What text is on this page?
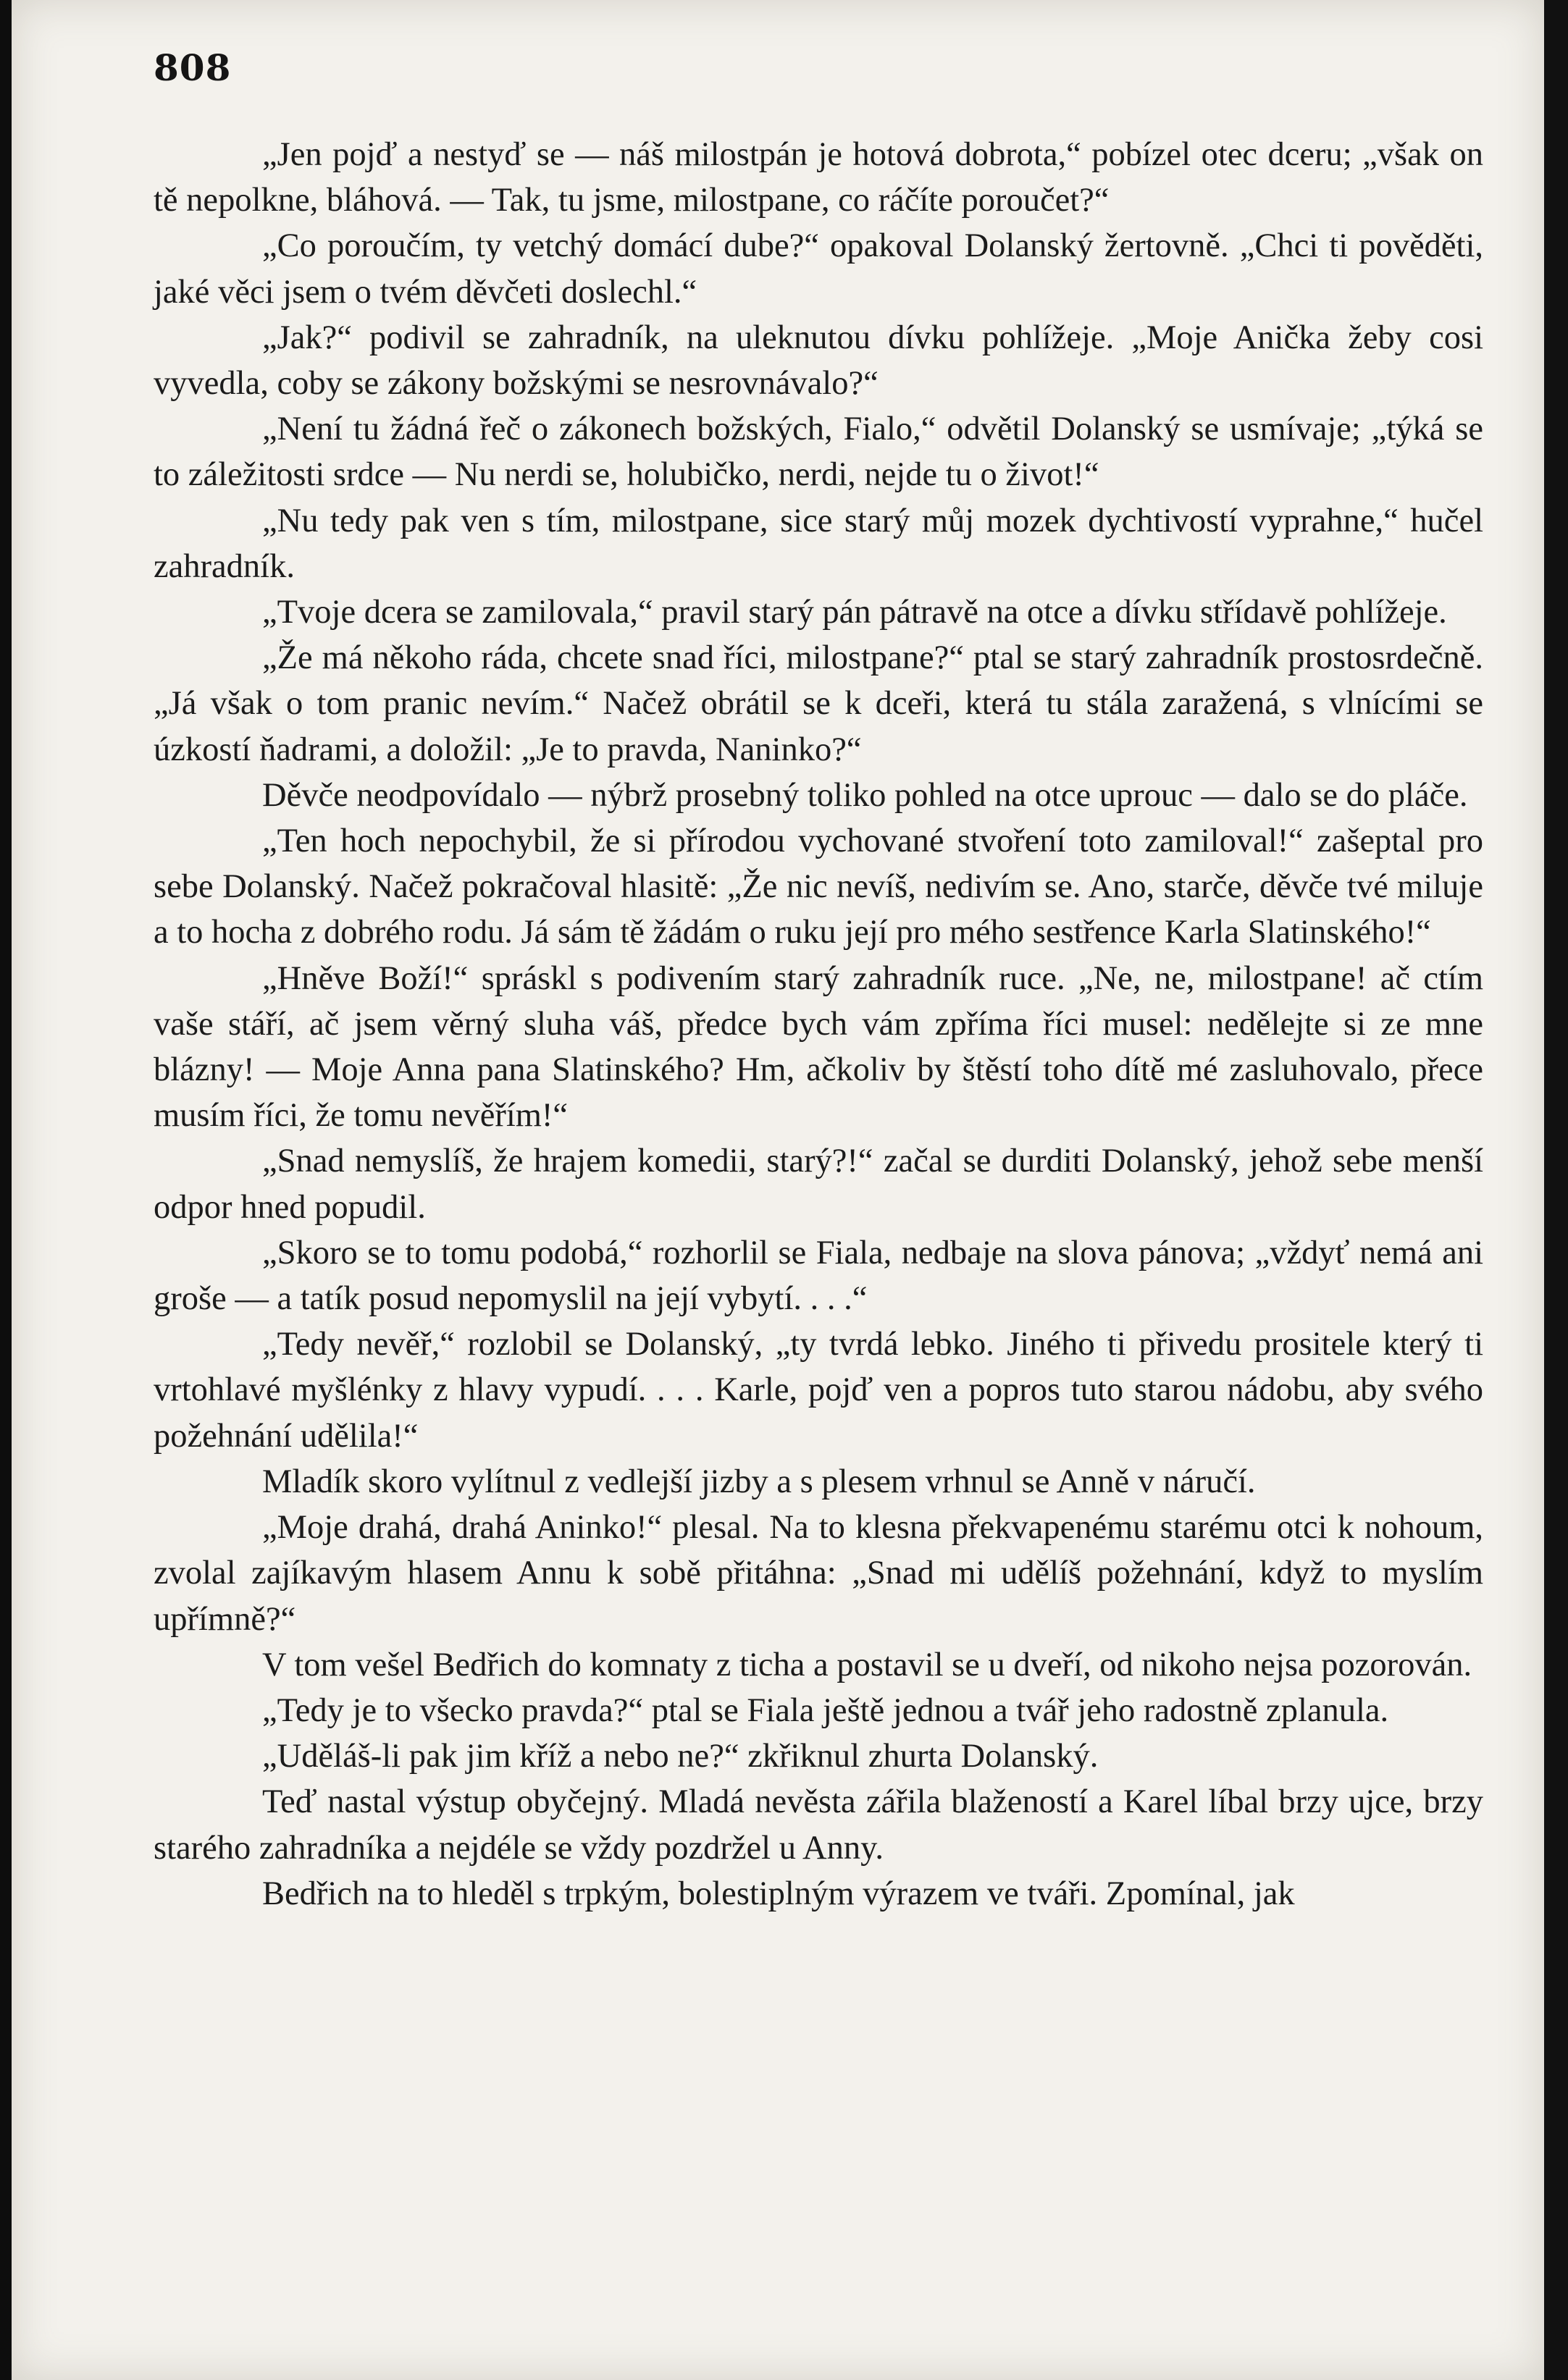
808

„Jen pojď a nestyď se — náš milostpán je hotová dobrota,“ pobízel otec dceru; „však on tě nepolkne, bláhová. — Tak, tu jsme, milostpane, co ráčíte poroučet?“

„Co poroučím, ty vetchý domácí dube?“ opakoval Dolanský žertovně. „Chci ti pověděti, jaké věci jsem o tvém děvčeti doslechl.“

„Jak?“ podivil se zahradník, na uleknutou dívku pohlížeje. „Moje Anička žeby cosi vyvedla, coby se zákony božskými se nesrovnávalo?“

„Není tu žádná řeč o zákonech božských, Fialo,“ odvětil Dolanský se usmívaje; „týká se to záležitosti srdce — Nu nerdi se, holubičko, nerdi, nejde tu o život!“

„Nu tedy pak ven s tím, milostpane, sice starý můj mozek dychtivostí vyprahne,“ hučel zahradník.

„Tvoje dcera se zamilovala,“ pravil starý pán pátravě na otce a dívku střídavě pohlížeje.

„Že má někoho ráda, chcete snad říci, milostpane?“ ptal se starý zahradník prostosrdečně. „Já však o tom pranic nevím.“ Načež obrátil se k dceři, která tu stála zaražená, s vlnícími se úzkostí ňadrami, a doložil: „Je to pravda, Naninko?“

Děvče neodpovídalo — nýbrž prosebný toliko pohled na otce uprouc — dalo se do pláče.

„Ten hoch nepochybil, že si přírodou vychované stvoření toto zamiloval!“ zašeptal pro sebe Dolanský. Načež pokračoval hlasitě: „Že nic nevíš, nedivím se. Ano, starče, děvče tvé miluje a to hocha z dobrého rodu. Já sám tě žádám o ruku její pro mého sestřence Karla Slatinského!“

„Hněve Boží!“ spráskl s podivením starý zahradník ruce. „Ne, ne, milostpane! ač ctím vaše stáří, ač jsem věrný sluha váš, předce bych vám zpříma říci musel: nedělejte si ze mne blázny! — Moje Anna pana Slatinského? Hm, ačkoliv by štěstí toho dítě mé zasluhovalo, přece musím říci, že tomu nevěřím!“

„Snad nemyslíš, že hrajem komedii, starý?!“ začal se durditi Dolanský, jehož sebe menší odpor hned popudil.

„Skoro se to tomu podobá,“ rozhorlil se Fiala, nedbaje na slova pánova; „vždyť nemá ani groše — a tatík posud nepomyslil na její vybytí. . . .“

„Tedy nevěř,“ rozlobil se Dolanský, „ty tvrdá lebko. Jiného ti přivedu prositele který ti vrtohlavé myšlénky z hlavy vypudí. . . . Karle, pojď ven a popros tuto starou nádobu, aby svého požehnání udělila!“

Mladík skoro vylítnul z vedlejší jizby a s plesem vrhnul se Anně v náručí.

„Moje drahá, drahá Aninko!“ plesal. Na to klesna překvapenému starému otci k nohoum, zvolal zajíkavým hlasem Annu k sobě přitáhna: „Snad mi udělíš požehnání, když to myslím upřímně?“

V tom vešel Bedřich do komnaty z ticha a postavil se u dveří, od nikoho nejsa pozorován.

„Tedy je to všecko pravda?“ ptal se Fiala ještě jednou a tvář jeho radostně zplanula.

„Uděláš-li pak jim kříž a nebo ne?“ zkřiknul zhurta Dolanský.

Teď nastal výstup obyčejný. Mladá nevěsta zářila blažeností a Karel líbal brzy ujce, brzy starého zahradníka a nejdéle se vždy pozdržel u Anny.

Bedřich na to hleděl s trpkým, bolestiplným výrazem ve tváři. Zpomínal, jak
